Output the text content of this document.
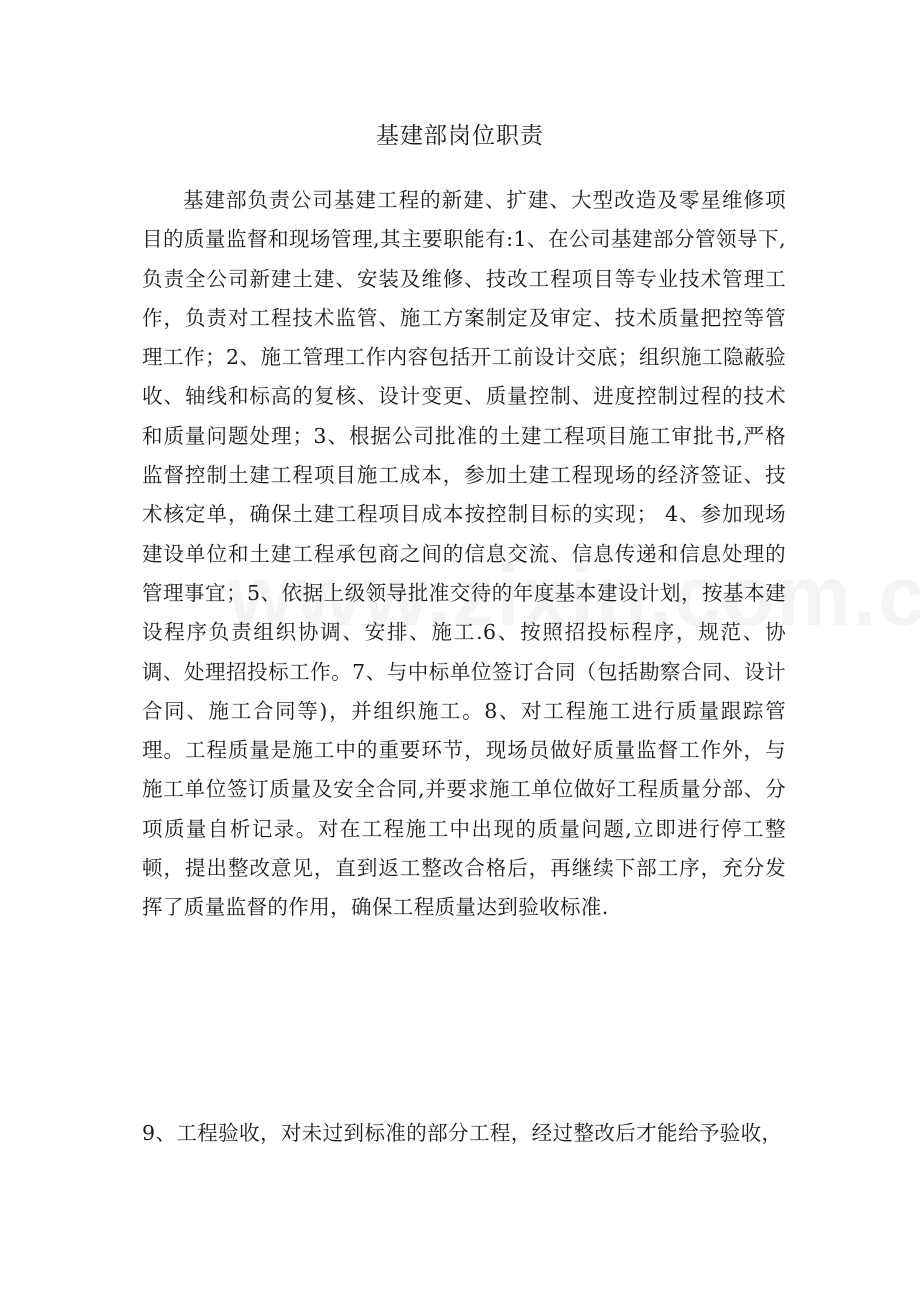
基建部岗位职责

基建部负责公司基建工程的新建、扩建、大型改造及零星维修项目的质量监督和现场管理,其主要职能有:1、在公司基建部分管领导下,负责全公司新建土建、安装及维修、技改工程项目等专业技术管理工作，负责对工程技术监管、施工方案制定及审定、技术质量把控等管理工作；2、施工管理工作内容包括开工前设计交底；组织施工隐蔽验收、轴线和标高的复核、设计变更、质量控制、进度控制过程的技术和质量问题处理；3、根据公司批准的土建工程项目施工审批书,严格监督控制土建工程项目施工成本，参加土建工程现场的经济签证、技术核定单，确保土建工程项目成本按控制目标的实现； 4、参加现场建设单位和土建工程承包商之间的信息交流、信息传递和信息处理的管理事宜；5、依据上级领导批准交待的年度基本建设计划，按基本建设程序负责组织协调、安排、施工.6、按照招投标程序，规范、协调、处理招投标工作。7、与中标单位签订合同（包括勘察合同、设计合同、施工合同等)，并组织施工。8、对工程施工进行质量跟踪管理。工程质量是施工中的重要环节，现场员做好质量监督工作外，与施工单位签订质量及安全合同,并要求施工单位做好工程质量分部、分项质量自析记录。对在工程施工中出现的质量问题,立即进行停工整顿，提出整改意见，直到返工整改合格后，再继续下部工序，充分发挥了质量监督的作用，确保工程质量达到验收标准.

9、工程验收，对未过到标准的部分工程，经过整改后才能给予验收，
